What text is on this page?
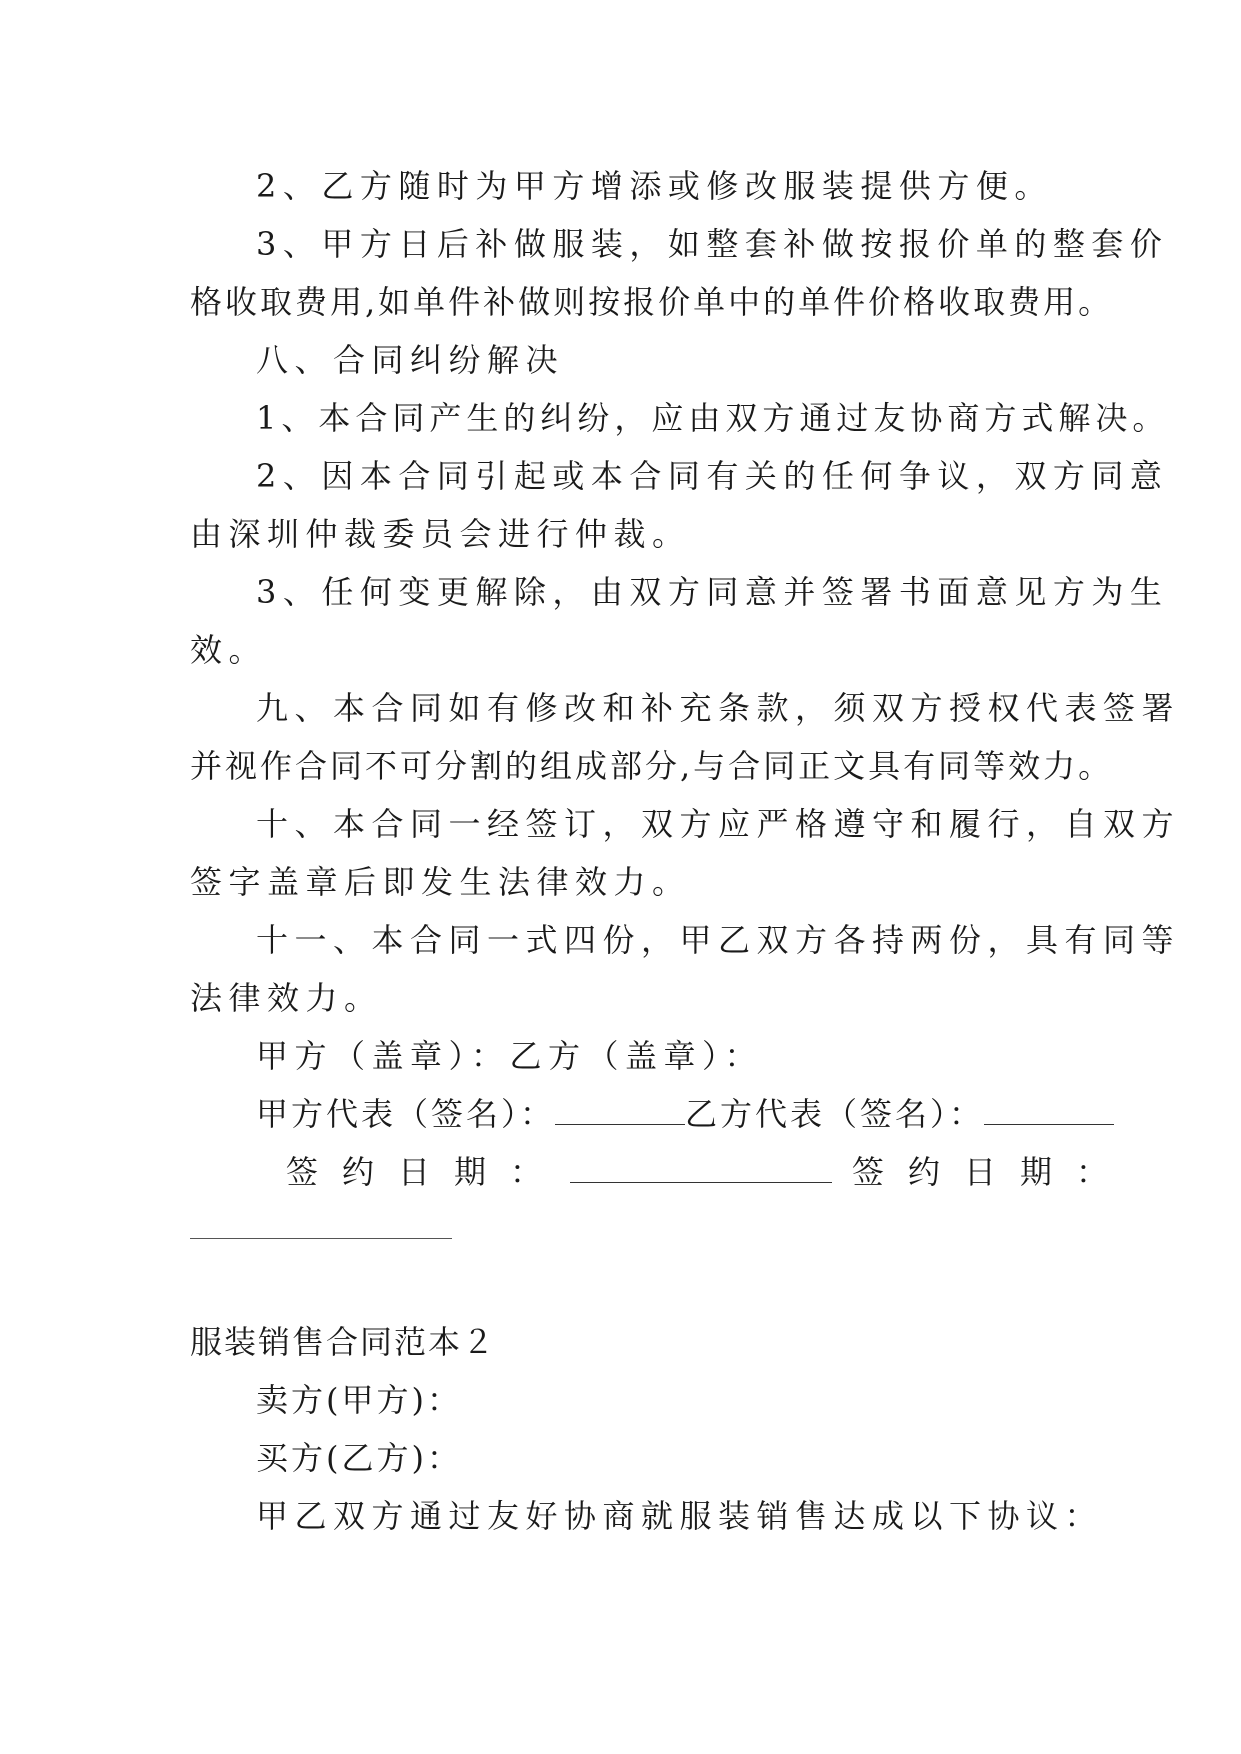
2、乙方随时为甲方增添或修改服装提供方便。
3、甲方日后补做服装，如整套补做按报价单的整套价
格收取费用,如单件补做则按报价单中的单件价格收取费用。
八、合同纠纷解决
1、本合同产生的纠纷，应由双方通过友协商方式解决。
2、因本合同引起或本合同有关的任何争议，双方同意
由深圳仲裁委员会进行仲裁。
3、任何变更解除，由双方同意并签署书面意见方为生
效。
九、本合同如有修改和补充条款，须双方授权代表签署
并视作合同不可分割的组成部分,与合同正文具有同等效力。
十、本合同一经签订，双方应严格遵守和履行，自双方
签字盖章后即发生法律效力。
十一、本合同一式四份，甲乙双方各持两份，具有同等
法律效力。
甲方（盖章）：乙方（盖章）：
甲方代表（签名）：	乙方代表（签名）：
签约日期：	签约日期：
服装销售合同范本２
卖方(甲方)：
买方(乙方)：
甲乙双方通过友好协商就服装销售达成以下协议：
